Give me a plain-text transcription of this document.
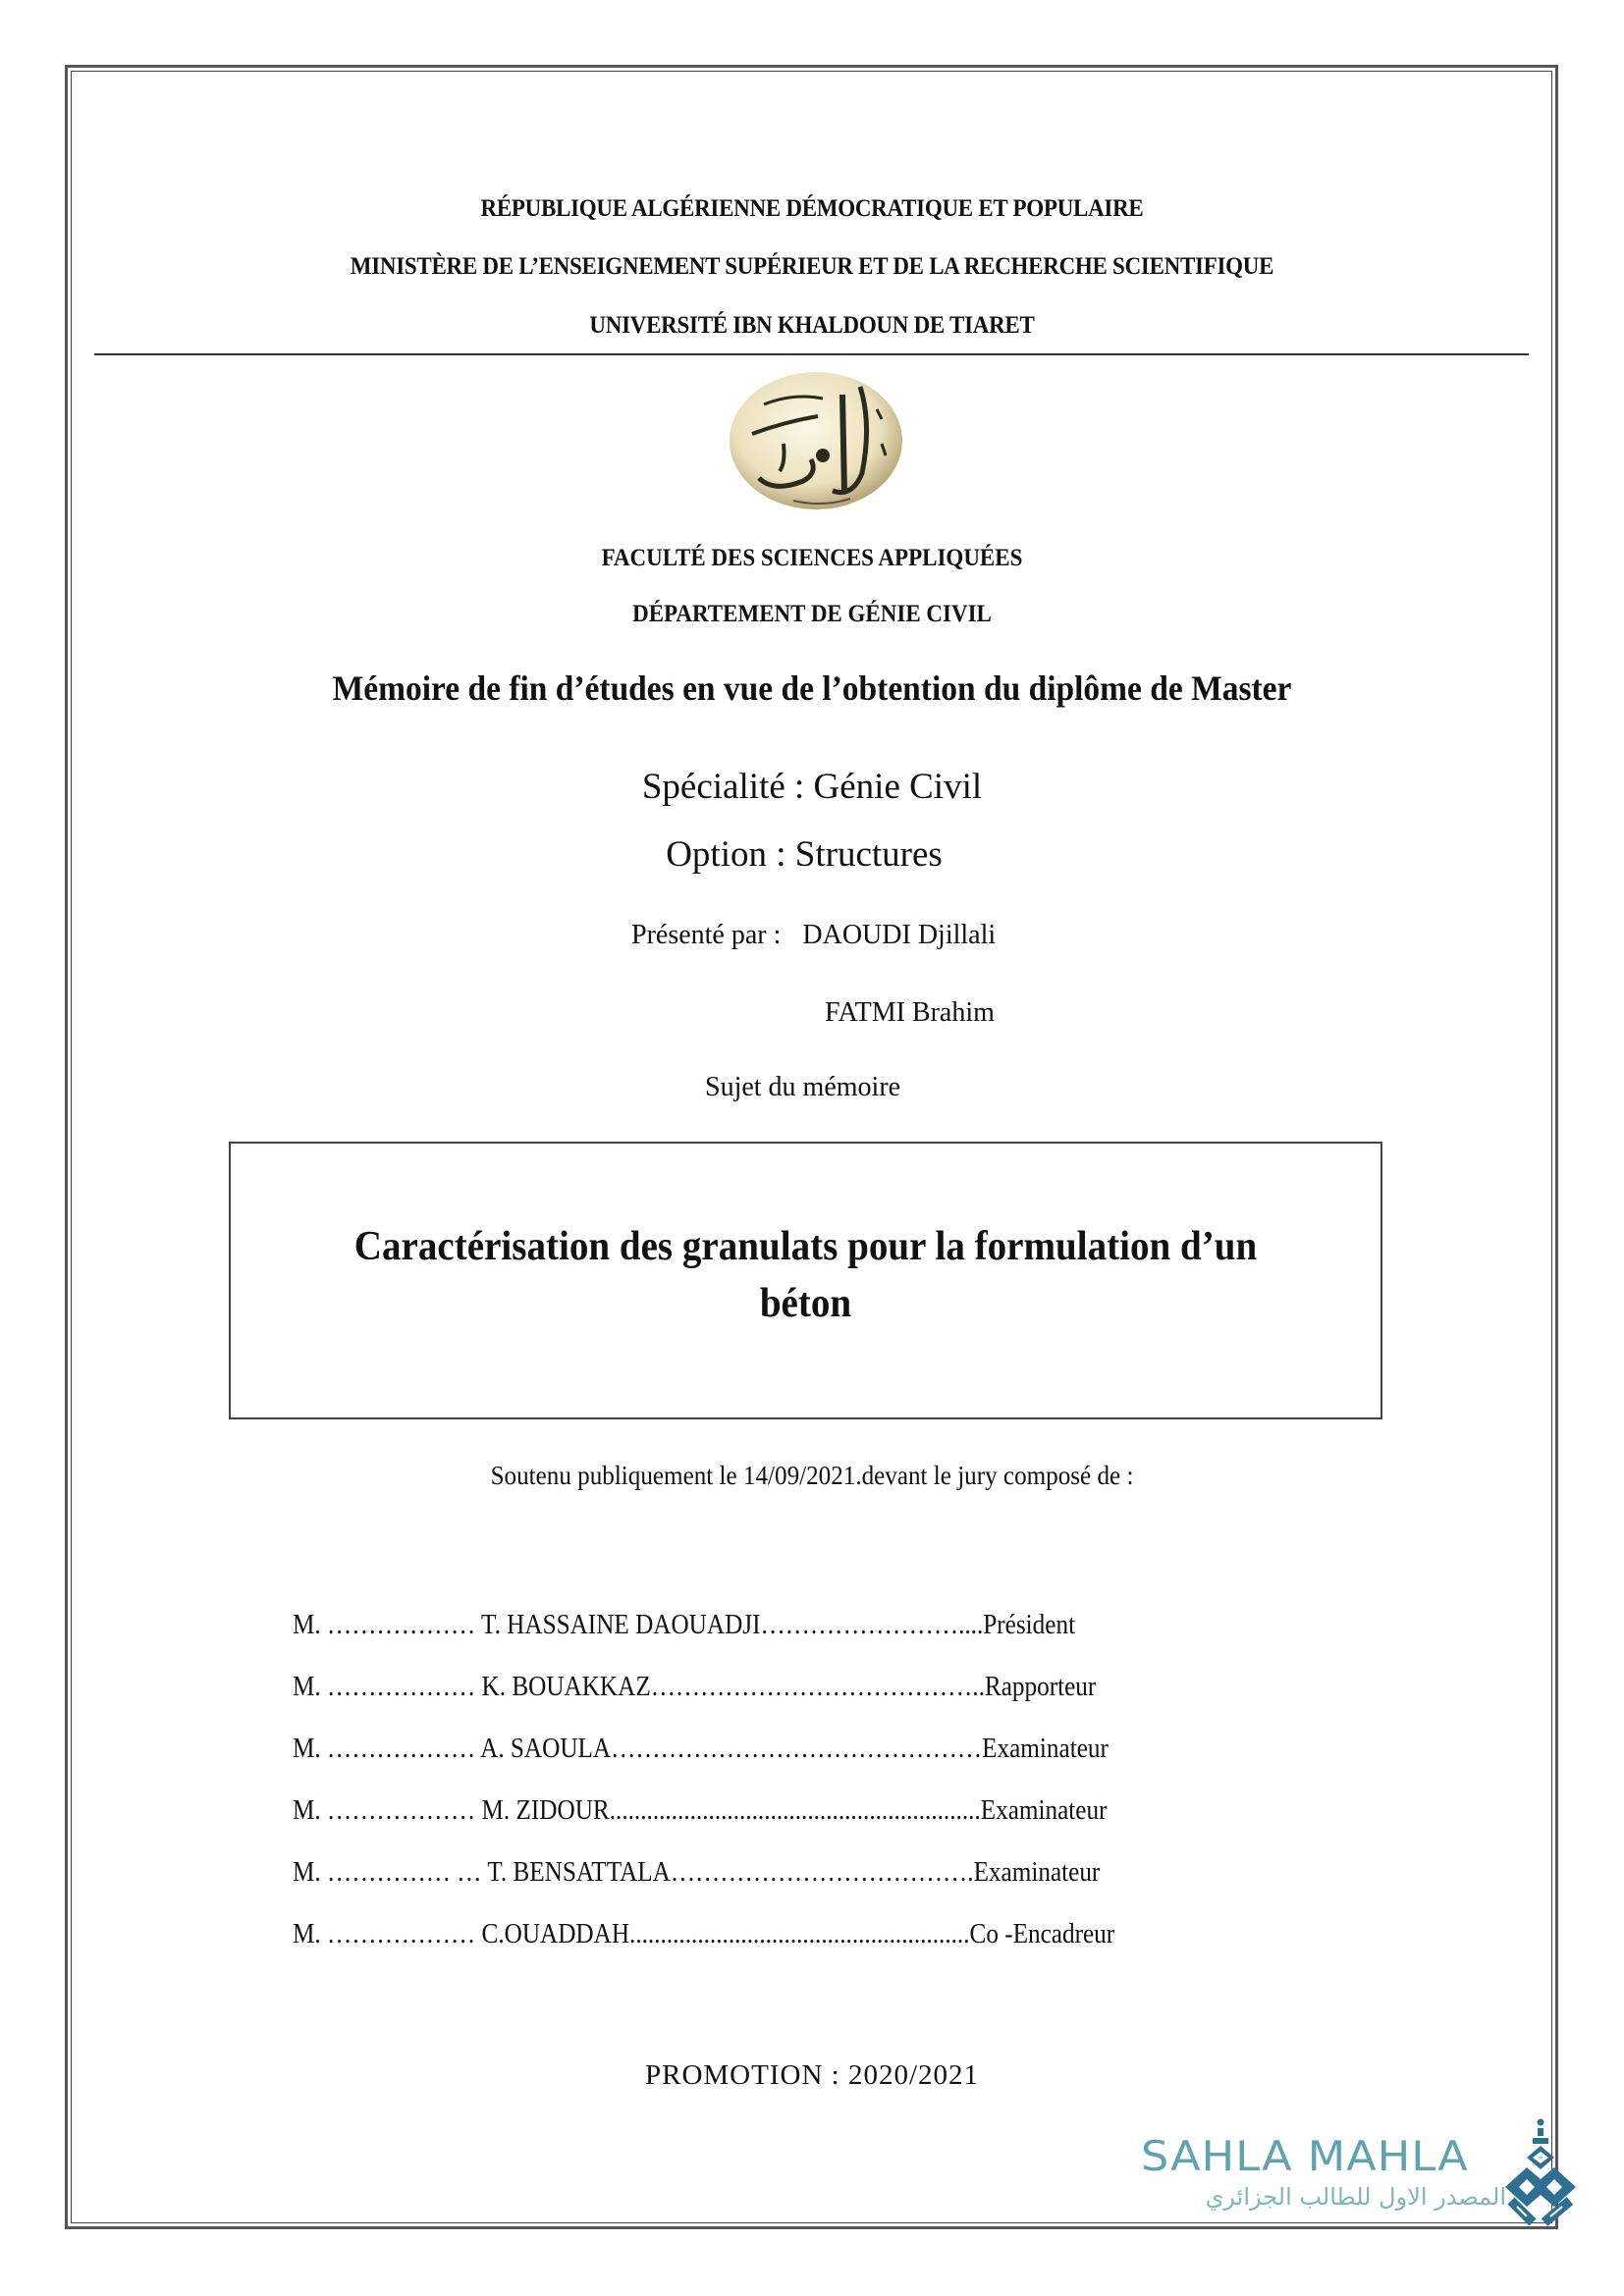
RÉPUBLIQUE ALGÉRIENNE DÉMOCRATIQUE ET POPULAIRE
MINISTÈRE DE L’ENSEIGNEMENT SUPÉRIEUR ET DE LA RECHERCHE SCIENTIFIQUE
UNIVERSITÉ IBN KHALDOUN DE TIARET
FACULTÉ DES SCIENCES APPLIQUÉES
DÉPARTEMENT DE GÉNIE CIVIL
Mémoire de fin d’études en vue de l’obtention du diplôme de Master
Spécialité : Génie Civil
Option : Structures
Présenté par : DAOUDI Djillali
FATMI Brahim
Sujet du mémoire
Caractérisation des granulats pour la formulation d’un
béton
Soutenu publiquement le 14/09/2021.devant le jury composé de :
M. ……………… T. HASSAINE DAOUADJI……………………....Président
M. ……………… K. BOUAKKAZ…………………………………..Rapporteur
M. ……………… A. SAOULA………………………………………Examinateur
M. ……………… M. ZIDOUR............................................................Examinateur
M. …………… … T. BENSATTALA……………………………….Examinateur
M. ……………… C.OUADDAH.......................................................Co -Encadreur
PROMOTION : 2020/2021
SAHLA MAHLA
المصدر الاول للطالب الجزائري
